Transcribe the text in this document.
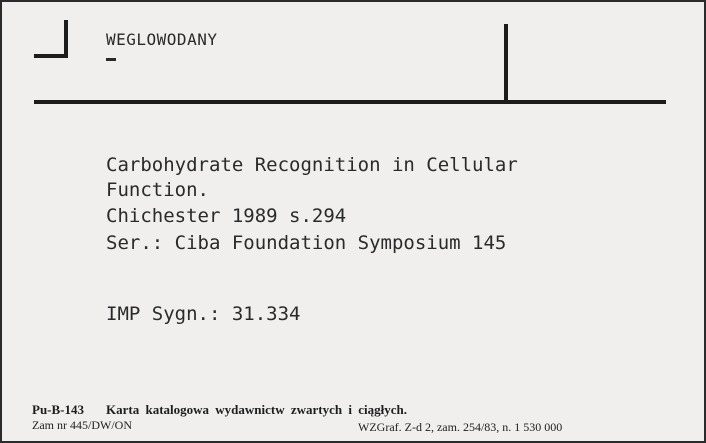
WEGLOWODANY
Carbohydrate Recognition in Cellular
Function.
Chichester 1989 s.294
Ser.: Ciba Foundation Symposium 145
IMP Sygn.: 31.334
Pu-B-143 Karta katalogowa wydawnictw zwartych i ciągłych.
Zam nr 445/DW/ON	WZGraf. Z-d 2, zam. 254/83, n. 1 530 000
